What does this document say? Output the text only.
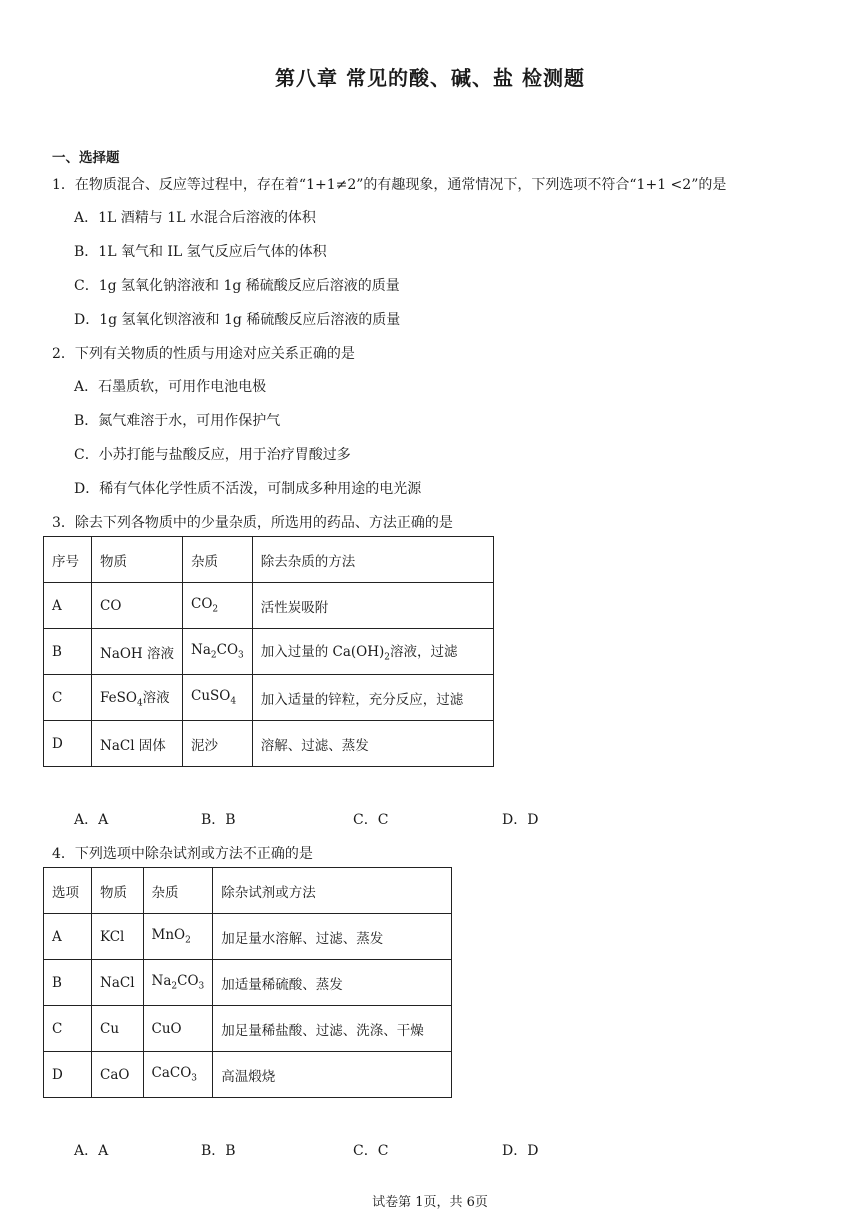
第八章 常见的酸、碱、盐 检测题
一、选择题
1．在物质混合、反应等过程中，存在着“1+1≠2”的有趣现象，通常情况下，下列选项不符合“1+1 <2”的是
A．1L 酒精与 1L 水混合后溶液的体积
B．1L 氧气和 IL 氢气反应后气体的体积
C．1g 氢氧化钠溶液和 1g 稀硫酸反应后溶液的质量
D．1g 氢氧化钡溶液和 1g 稀硫酸反应后溶液的质量
2．下列有关物质的性质与用途对应关系正确的是
A．石墨质软，可用作电池电极
B．氮气难溶于水，可用作保护气
C．小苏打能与盐酸反应，用于治疗胃酸过多
D．稀有气体化学性质不活泼，可制成多种用途的电光源
3．除去下列各物质中的少量杂质，所选用的药品、方法正确的是
序号	物质	杂质	除去杂质的方法
A	CO	$CO_2$	活性炭吸附
B	NaOH 溶液	$Na_2CO_3$	加入过量的 $Ca(OH)_2$溶液，过滤
C	FeSO$_4$溶液	CuSO$_4$	加入适量的锌粒，充分反应，过滤
D	NaCl 固体	泥沙	溶解、过滤、蒸发
A．A	B．B	C．C	D．D
4．下列选项中除杂试剂或方法不正确的是
选项	物质	杂质	除杂试剂或方法
A	KCl	MnO$_2$	加足量水溶解、过滤、蒸发
B	NaCl	$Na_2CO_3$	加适量稀硫酸、蒸发
C	Cu	CuO	加足量稀盐酸、过滤、洗涤、干燥
D	CaO	CaCO$_3$	高温煅烧
A．A	B．B	C．C	D．D
试卷第 1页，共 6页
